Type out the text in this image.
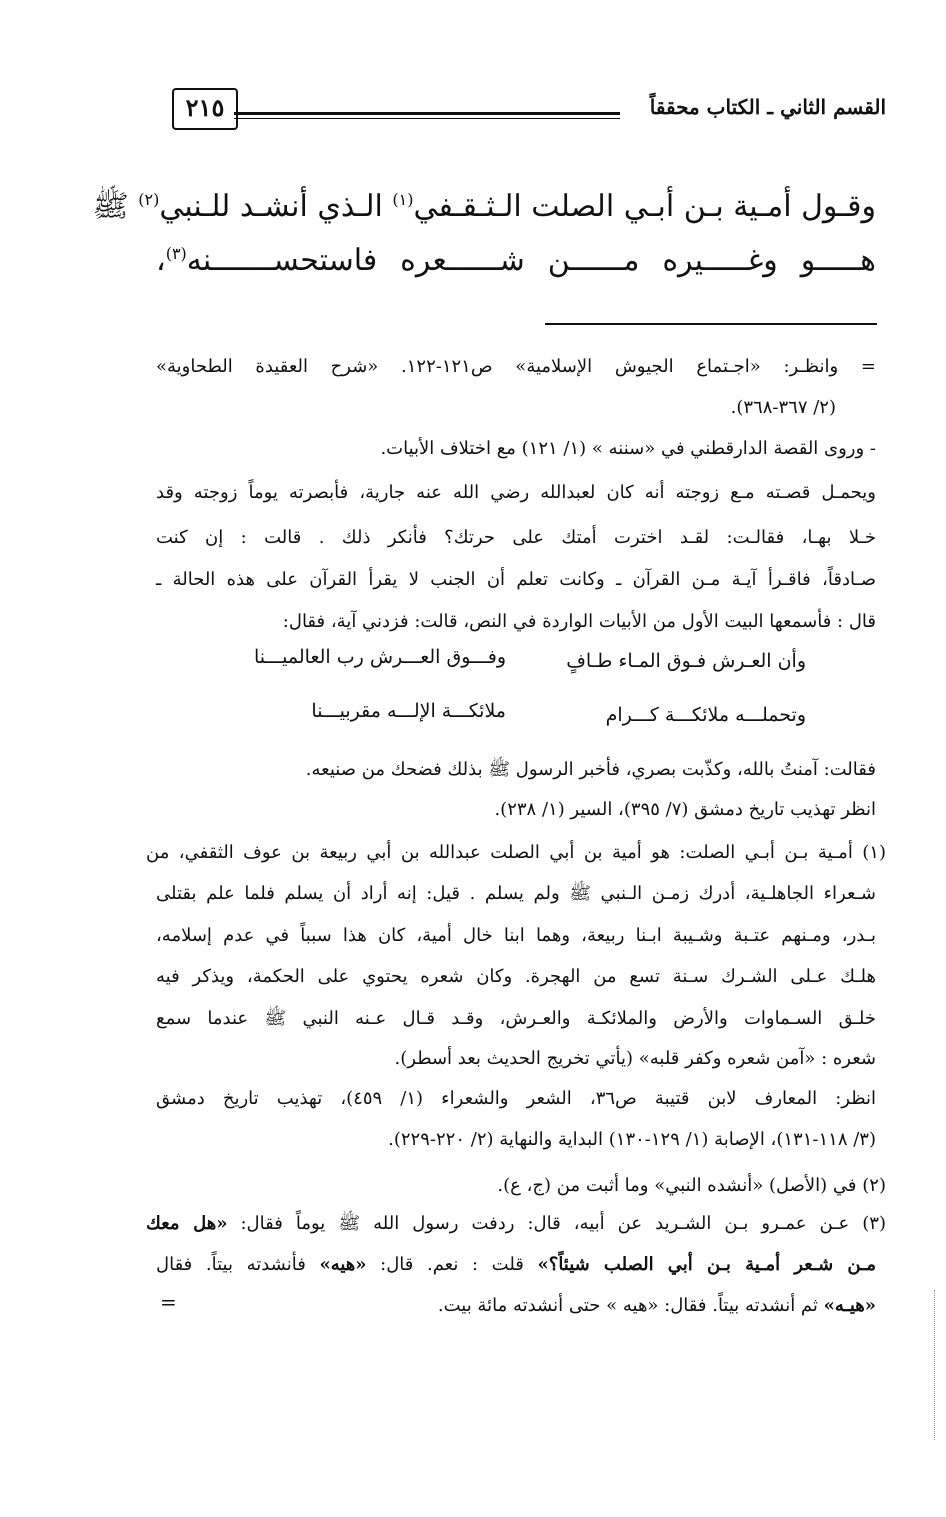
٢١٥	القسم الثاني ـ الكتاب محققاً
وقـول أمـية بـن أبـي الصلت الـثـقـفي$^{(١)}$ الـذي أنشـد للـنبي$^{(٢)}$ ﷺ
هـــــو وغـــــيره مــــــن شــــــعره فاستحســـــــنه$^{(٣)}$،
= وانظـر: «اجـتماع الجيوش الإسلامية» ص١٢١-١٢٢. «شرح العقيدة الطحاوية»
(٢/ ٣٦٧-٣٦٨).
- وروى القصة الدارقطني في «سننه » (١/ ١٢١) مع اختلاف الأبيات.
ويحمـل قصـته مـع زوجته أنه كان لعبدالله رضي الله عنه جارية، فأبصرته يوماً زوجته وقد
خـلا بهـا، فقالـت: لقـد اخترت أمتك على حرتك؟ فأنكر ذلك . قالت : إن كنت
صـادقاً، فاقـرأ آيـة مـن القرآن ـ وكانت تعلم أن الجنب لا يقرأ القرآن على هذه الحالة ـ
قال : فأسمعها البيت الأول من الأبيات الواردة في النص، قالت: فزدني آية، فقال:
وأن العـرش فـوق المـاء طـافٍ
وفـــوق العـــرش رب العالميـــنا
وتحملـــه ملائكـــة كـــرام
ملائكـــة الإلـــه مقربيـــنا
فقالت: آمنتُ بالله، وكذّبت بصري، فأخبر الرسول ﷺ بذلك فضحك من صنيعه.
انظر تهذيب تاريخ دمشق (٧/ ٣٩٥)، السير (١/ ٢٣٨).
(١) أمـية بـن أبـي الصلت: هو أمية بن أبي الصلت عبدالله بن أبي ربيعة بن عوف الثقفي، من
شـعراء الجاهلـية، أدرك زمـن الـنبي ﷺ ولم يسلم . قيل: إنه أراد أن يسلم فلما علم بقتلى
بـدر، ومـنهم عتـبة وشـيبة ابـنا ربيعة، وهما ابنا خال أمية، كان هذا سبباً في عدم إسلامه،
هلـك عـلى الشـرك سـنة تسع من الهجرة. وكان شعره يحتوي على الحكمة، ويذكر فيه
خلـق السـماوات والأرض والملائكـة والعـرش، وقـد قـال عـنه النبي ﷺ عندما سمع
شعره : «آمن شعره وكفر قلبه» (يأتي تخريج الحديث بعد أسطر).
انظر: المعارف لابن قتيبة ص٣٦، الشعر والشعراء (١/ ٤٥٩)، تهذيب تاريخ دمشق
(٣/ ١١٨-١٣١)، الإصابة (١/ ١٢٩-١٣٠) البداية والنهاية (٢/ ٢٢٠-٢٢٩).
(٢) في (الأصل) «أنشده النبي» وما أثبت من (ج، ع).
(٣) عـن عمـرو بـن الشـريد عن أبيه، قال: ردفت رسول الله ﷺ يوماً فقال: «هل معك
مـن شـعر أمـية بـن أبي الصلب شيئاً؟» قلت : نعم. قال: «هيه» فأنشدته بيتاً. فقال
«هيـه» ثم أنشدته بيتاً. فقال: «هيه » حتى أنشدته مائة بيت.
=
